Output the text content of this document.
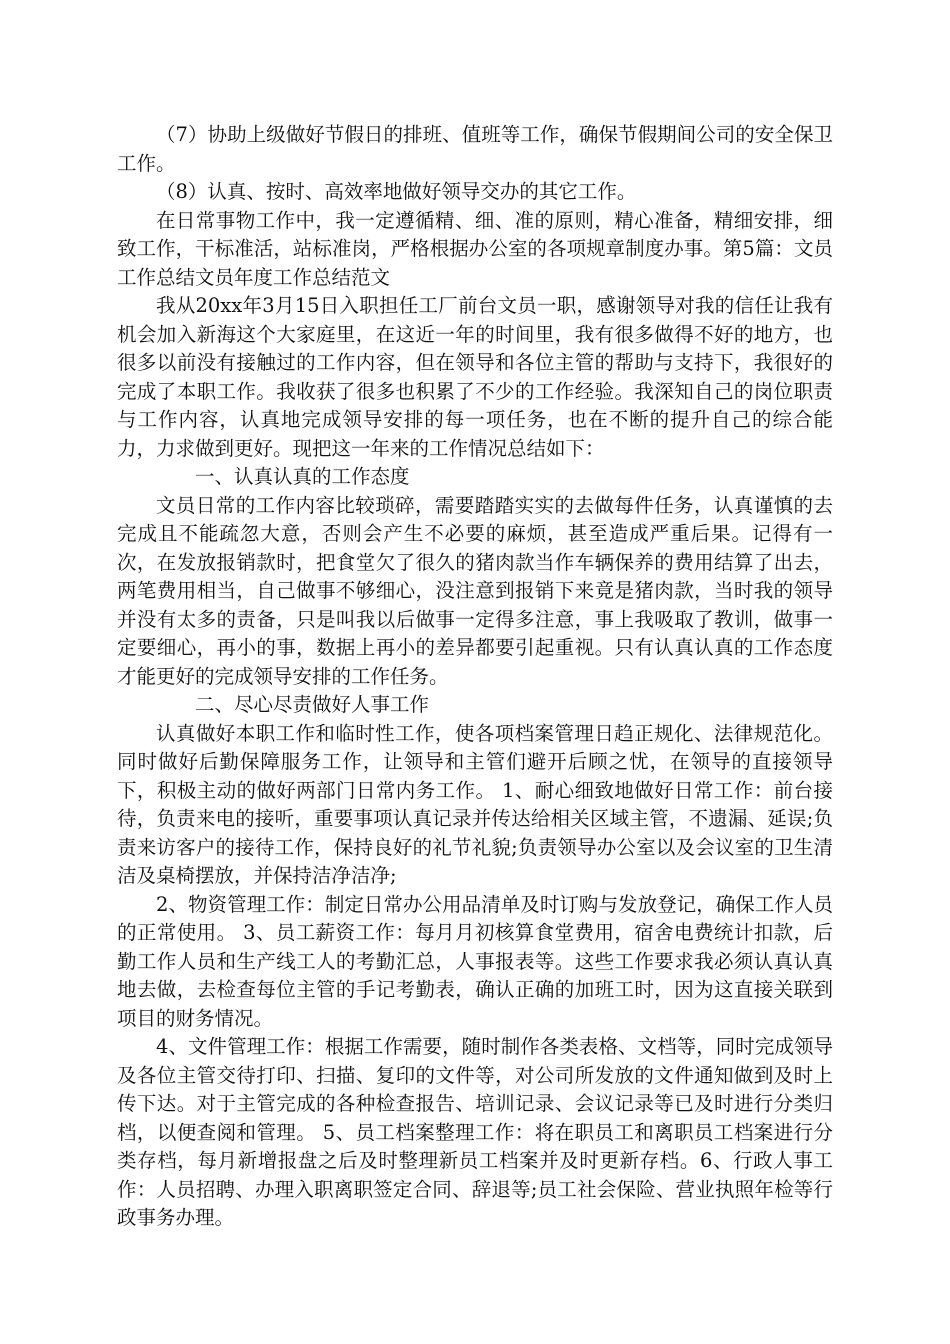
（7）协助上级做好节假日的排班、值班等工作，确保节假期间公司的安全保卫工作。

（8）认真、按时、高效率地做好领导交办的其它工作。

在日常事物工作中，我一定遵循精、细、准的原则，精心准备，精细安排，细致工作，干标准活，站标准岗，严格根据办公室的各项规章制度办事。第5篇：文员工作总结文员年度工作总结范文

我从20xx年3月15日入职担任工厂前台文员一职，感谢领导对我的信任让我有机会加入新海这个大家庭里，在这近一年的时间里，我有很多做得不好的地方，也很多以前没有接触过的工作内容，但在领导和各位主管的帮助与支持下，我很好的完成了本职工作。我收获了很多也积累了不少的工作经验。我深知自己的岗位职责与工作内容，认真地完成领导安排的每一项任务，也在不断的提升自己的综合能力，力求做到更好。现把这一年来的工作情况总结如下：

一、认真认真的工作态度

文员日常的工作内容比较琐碎，需要踏踏实实的去做每件任务，认真谨慎的去完成且不能疏忽大意，否则会产生不必要的麻烦，甚至造成严重后果。记得有一次，在发放报销款时，把食堂欠了很久的猪肉款当作车辆保养的费用结算了出去，两笔费用相当，自己做事不够细心，没注意到报销下来竟是猪肉款，当时我的领导并没有太多的责备，只是叫我以后做事一定得多注意，事上我吸取了教训，做事一定要细心，再小的事，数据上再小的差异都要引起重视。只有认真认真的工作态度才能更好的完成领导安排的工作任务。

二、尽心尽责做好人事工作

认真做好本职工作和临时性工作，使各项档案管理日趋正规化、法律规范化。同时做好后勤保障服务工作，让领导和主管们避开后顾之忧，在领导的直接领导下，积极主动的做好两部门日常内务工作。 1、耐心细致地做好日常工作：前台接待，负责来电的接听，重要事项认真记录并传达给相关区域主管，不遗漏、延误;负责来访客户的接待工作，保持良好的礼节礼貌;负责领导办公室以及会议室的卫生清洁及桌椅摆放，并保持洁净洁净;

2、物资管理工作：制定日常办公用品清单及时订购与发放登记，确保工作人员的正常使用。 3、员工薪资工作：每月月初核算食堂费用，宿舍电费统计扣款，后勤工作人员和生产线工人的考勤汇总，人事报表等。这些工作要求我必须认真认真地去做，去检查每位主管的手记考勤表，确认正确的加班工时，因为这直接关联到项目的财务情况。

4、文件管理工作：根据工作需要，随时制作各类表格、文档等，同时完成领导及各位主管交待打印、扫描、复印的文件等，对公司所发放的文件通知做到及时上传下达。对于主管完成的各种检查报告、培训记录、会议记录等已及时进行分类归档，以便查阅和管理。 5、员工档案整理工作：将在职员工和离职员工档案进行分类存档，每月新增报盘之后及时整理新员工档案并及时更新存档。6、行政人事工作：人员招聘、办理入职离职签定合同、辞退等;员工社会保险、营业执照年检等行政事务办理。
